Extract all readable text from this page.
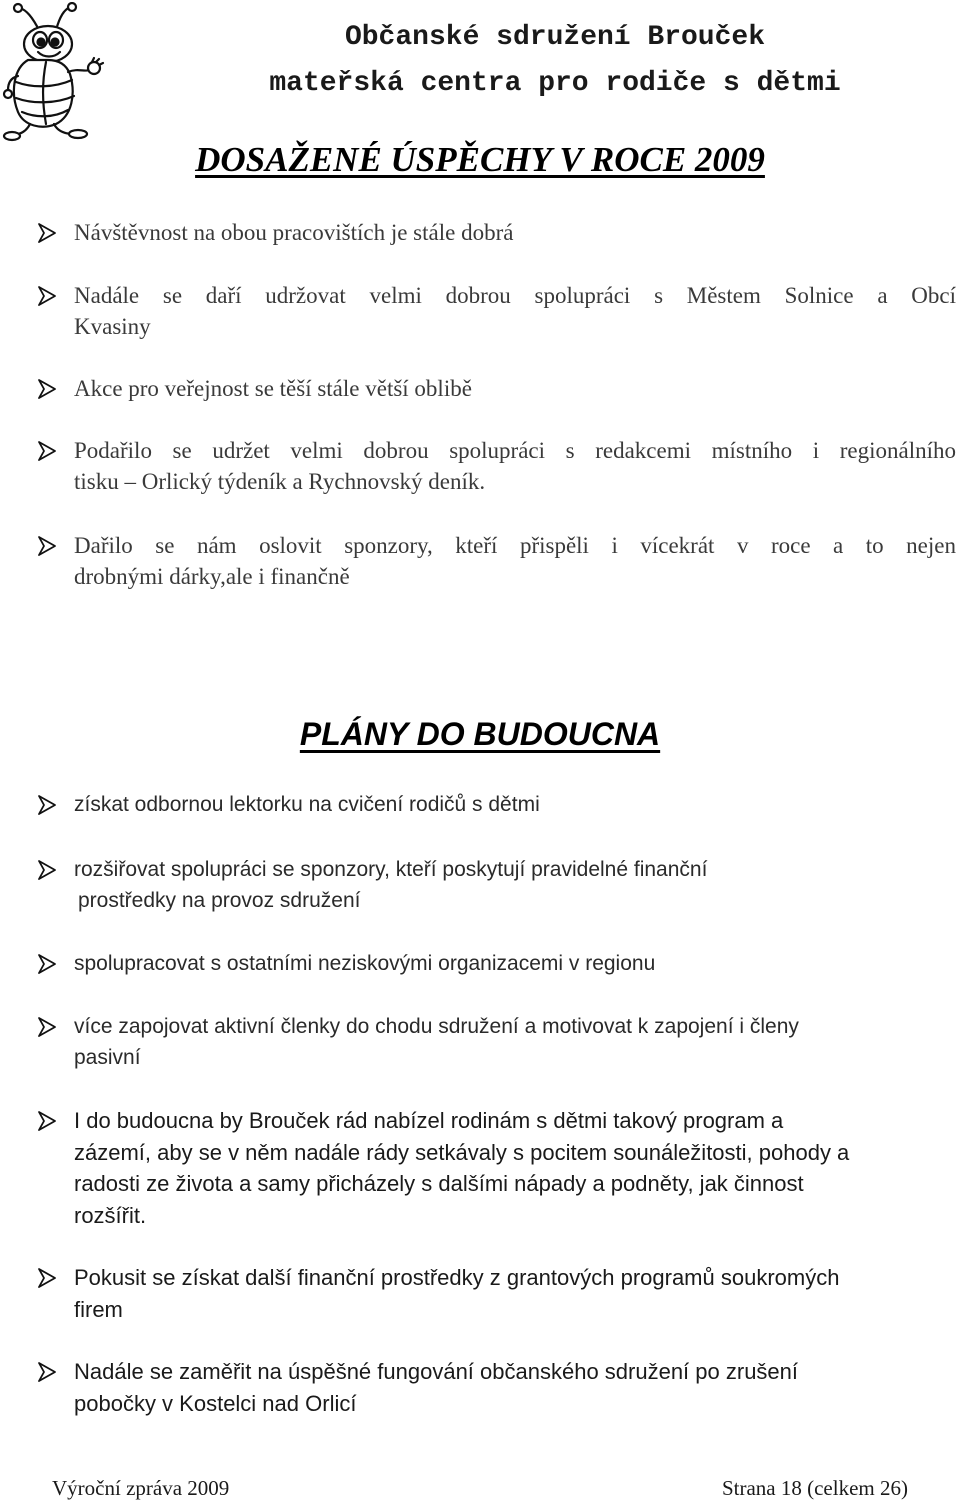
Občanské sdružení Brouček
mateřská centra pro rodiče s dětmi
DOSAŽENÉ ÚSPĚCHY V ROCE 2009
Návštěvnost na obou pracovištích je stále dobrá
Nadále se daří udržovat velmi dobrou spolupráci s Městem Solnice a Obcí
Kvasiny
Akce pro veřejnost se těší stále větší oblibě
Podařilo se udržet velmi dobrou spolupráci s redakcemi místního i regionálního
tisku – Orlický týdeník a Rychnovský deník.
Dařilo se nám oslovit sponzory, kteří přispěli i vícekrát v roce a to nejen
drobnými dárky,ale i finančně
PLÁNY DO BUDOUCNA
získat odbornou lektorku na cvičení rodičů s dětmi
rozšiřovat spolupráci se sponzory, kteří poskytují pravidelné finanční
prostředky na provoz sdružení
spolupracovat s ostatními neziskovými organizacemi v regionu
více zapojovat aktivní členky do chodu sdružení a motivovat k zapojení i členy
pasivní
I do budoucna by Brouček rád nabízel rodinám s dětmi takový program a
zázemí, aby se v něm nadále rády setkávaly s pocitem sounáležitosti, pohody a
radosti ze života a samy přicházely s dalšími nápady a podněty, jak činnost
rozšířit.
Pokusit se získat další finanční prostředky z grantových programů soukromých
firem
Nadále se zaměřit na úspěšné fungování občanského sdružení po zrušení
pobočky v Kostelci nad Orlicí
Výroční zpráva 2009	Strana 18 (celkem 26)
